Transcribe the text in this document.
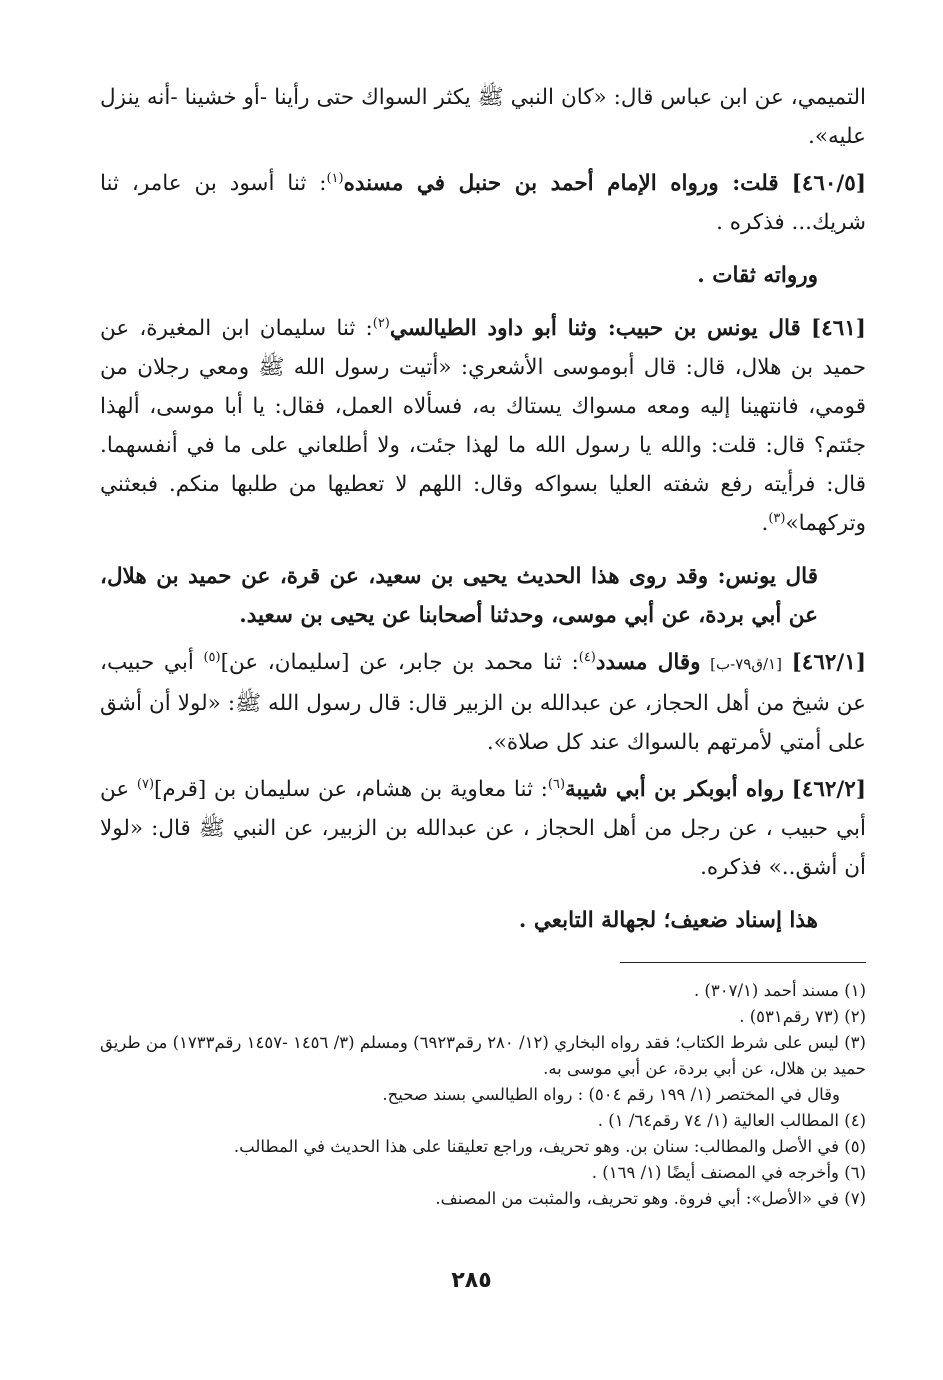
التميمي، عن ابن عباس قال: «كان النبي ﷺ يكثر السواك حتى رأينا -أو خشينا -أنه ينزل عليه».

[٤٦٠/٥] قلت: ورواه الإمام أحمد بن حنبل في مسنده$^{(١)}$: ثنا أسود بن عامر، ثنا شريك... فذكره .

ورواته ثقات .

[٤٦١] قال يونس بن حبيب: وثنا أبو داود الطيالسي$^{(٢)}$: ثنا سليمان ابن المغيرة، عن حميد بن هلال، قال: قال أبوموسى الأشعري: «أتيت رسول الله ﷺ ومعي رجلان من قومي، فانتهينا إليه ومعه مسواك يستاك به، فسألاه العمل، فقال: يا أبا موسى، ألهذا جئتم؟ قال: قلت: والله يا رسول الله ما لهذا جئت، ولا أطلعاني على ما في أنفسهما. قال: فرأيته رفع شفته العليا بسواكه وقال: اللهم لا تعطيها من طلبها منكم. فبعثني وتركهما»$^{(٣)}$.

قال يونس: وقد روى هذا الحديث يحيى بن سعيد، عن قرة، عن حميد بن هلال، عن أبي بردة، عن أبي موسى، وحدثنا أصحابنا عن يحيى بن سعيد.

[٤٦٢/١] [١/ق٧٩-ب] وقال مسدد$^{(٤)}$: ثنا محمد بن جابر، عن [سليمان، عن]$^{(٥)}$ أبي حبيب، عن شيخ من أهل الحجاز، عن عبدالله بن الزبير قال: قال رسول الله ﷺ: «لولا أن أشق على أمتي لأمرتهم بالسواك عند كل صلاة».

[٤٦٢/٢] رواه أبوبكر بن أبي شيبة$^{(٦)}$: ثنا معاوية بن هشام، عن سليمان بن [قرم]$^{(٧)}$ عن أبي حبيب ، عن رجل من أهل الحجاز ، عن عبدالله بن الزبير، عن النبي ﷺ قال: «لولا أن أشق..» فذكره.

هذا إسناد ضعيف؛ لجهالة التابعي .

(١) مسند أحمد (٣٠٧/١) .

(٢) (٧٣ رقم٥٣١) .

(٣) ليس على شرط الكتاب؛ فقد رواه البخاري (١٢/ ٢٨٠ رقم٦٩٢٣) ومسلم (٣/ ١٤٥٦ -١٤٥٧ رقم١٧٣٣) من طريق حميد بن هلال، عن أبي بردة، عن أبي موسى به.

وقال في المختصر (١/ ١٩٩ رقم ٥٠٤) : رواه الطيالسي بسند صحيح.

(٤) المطالب العالية (١/ ٧٤ رقم٦٤/ ١) .

(٥) في الأصل والمطالب: سنان بن. وهو تحريف، وراجع تعليقنا على هذا الحديث في المطالب.

(٦) وأخرجه في المصنف أيضًا (١/ ١٦٩) .

(٧) في «الأصل»: أبي فروة. وهو تحريف، والمثبت من المصنف.

٢٨٥
